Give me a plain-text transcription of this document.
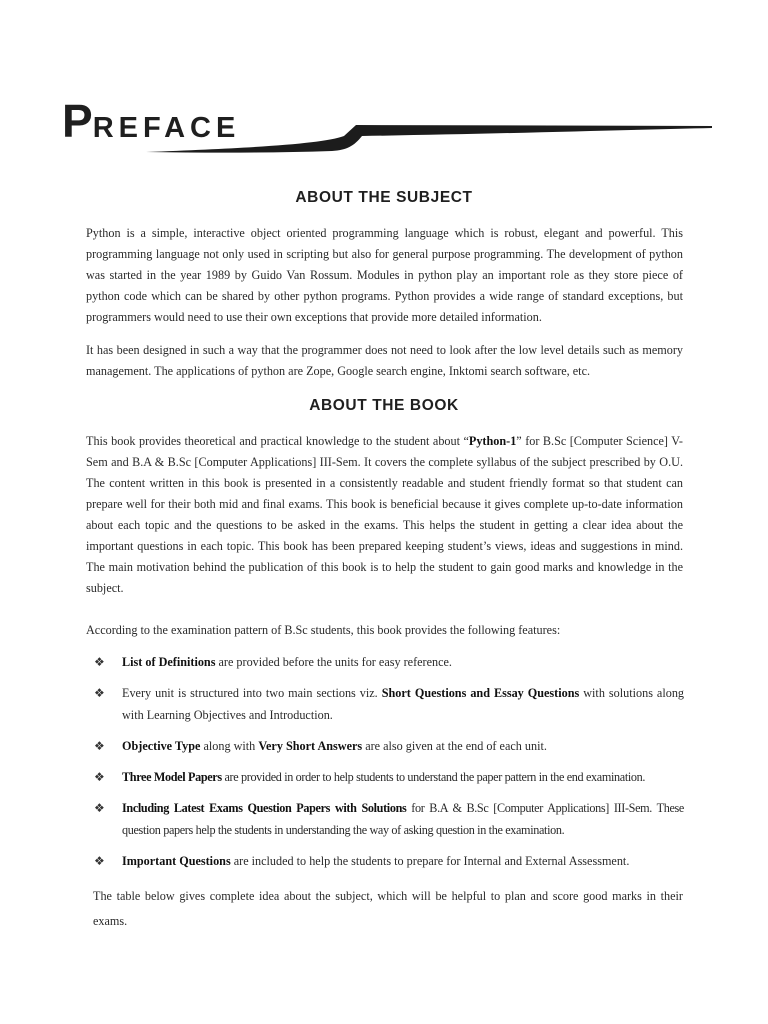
PREFACE
ABOUT THE SUBJECT

Python is a simple, interactive object oriented programming language which is robust, elegant and powerful. This programming language not only used in scripting but also for general purpose programming. The development of python was started in the year 1989 by Guido Van Rossum. Modules in python play an important role as they store piece of python code which can be shared by other python programs. Python provides a wide range of standard exceptions, but programmers would need to use their own exceptions that provide more detailed information.

It has been designed in such a way that the programmer does not need to look after the low level details such as memory management. The applications of python are Zope, Google search engine, Inktomi search software, etc.

ABOUT THE BOOK

This book provides theoretical and practical knowledge to the student about “Python-1” for B.Sc [Computer Science] V-Sem and B.A & B.Sc [Computer Applications] III-Sem. It covers the complete syllabus of the subject prescribed by O.U. The content written in this book is presented in a consistently readable and student friendly format so that student can prepare well for their both mid and final exams. This book is beneficial because it gives complete up-to-date information about each topic and the questions to be asked in the exams. This helps the student in getting a clear idea about the important questions in each topic. This book has been prepared keeping student’s views, ideas and suggestions in mind. The main motivation behind the publication of this book is to help the student to gain good marks and knowledge in the subject.

According to the examination pattern of B.Sc students, this book provides the following features:

❖ List of Definitions are provided before the units for easy reference.
❖ Every unit is structured into two main sections viz. Short Questions and Essay Questions with solutions along with Learning Objectives and Introduction.
❖ Objective Type along with Very Short Answers are also given at the end of each unit.
❖ Three Model Papers are provided in order to help students to understand the paper pattern in the end examination.
❖ Including Latest Exams Question Papers with Solutions for B.A & B.Sc [Computer Applications] III-Sem. These question papers help the students in understanding the way of asking question in the examination.
❖ Important Questions are included to help the students to prepare for Internal and External Assessment.

The table below gives complete idea about the subject, which will be helpful to plan and score good marks in their exams.
